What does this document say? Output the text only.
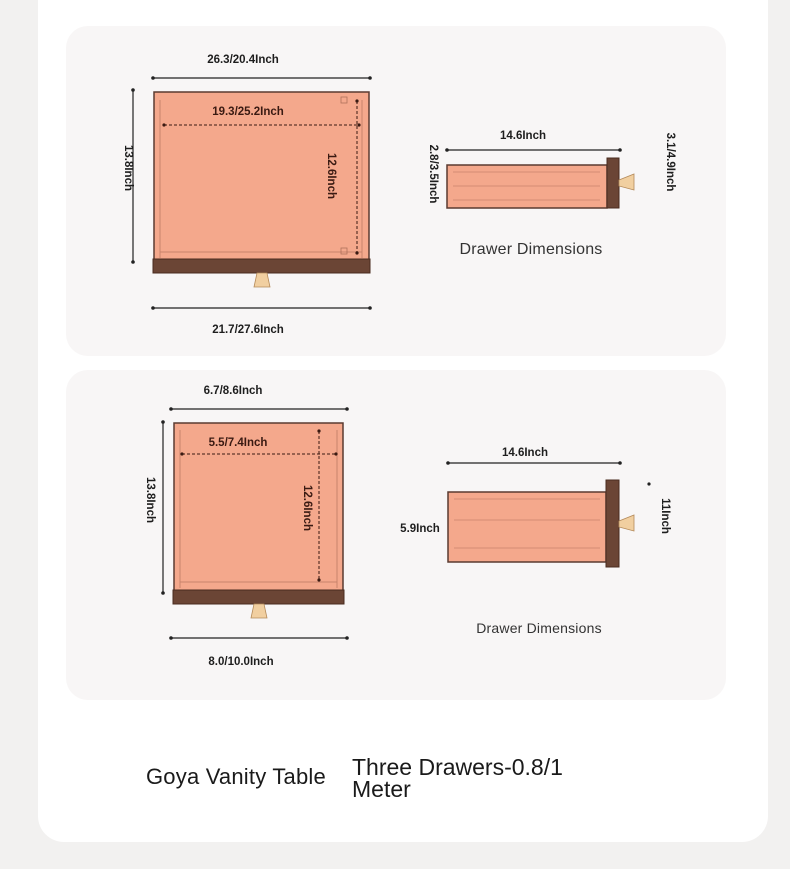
26.3/20.4Inch
13.8Inch
19.3/25.2Inch
12.6Inch
21.7/27.6Inch
14.6Inch
2.8/3.5Inch	3.1/4.9Inch
Drawer Dimensions
6.7/8.6Inch
13.8Inch
5.5/7.4Inch
12.6Inch
8.0/10.0Inch
14.6Inch
5.9Inch	11Inch
Drawer Dimensions
Goya Vanity Table Three Drawers-0.8/1 Meter
